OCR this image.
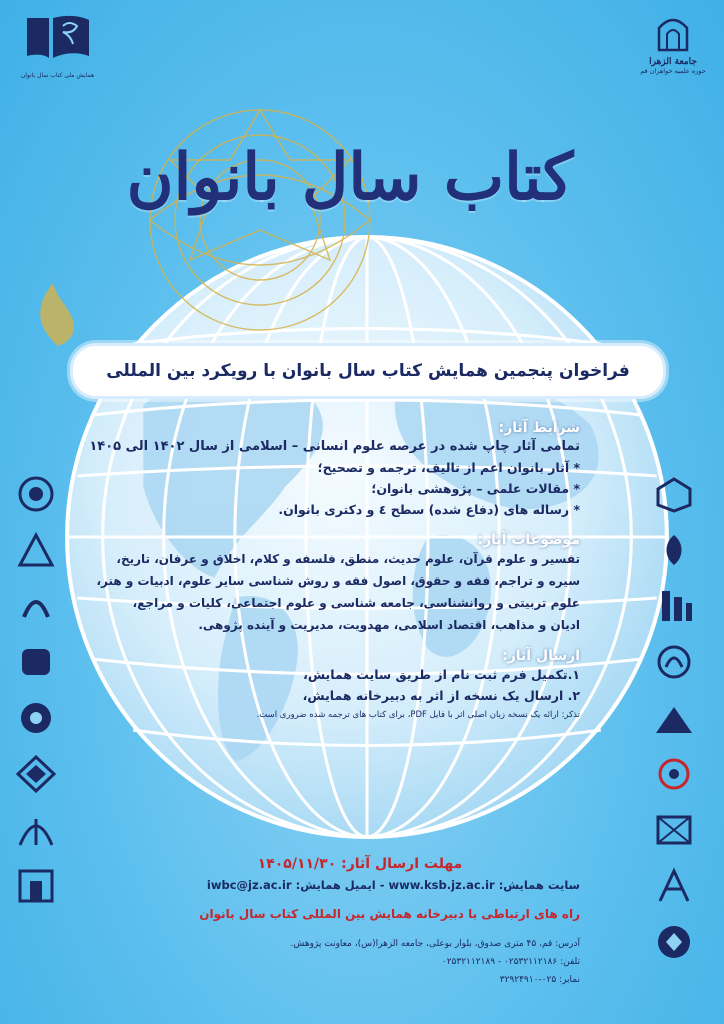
همایش ملی کتاب سال بانوان
جامعة الزهرا
حوزه علمیه خواهران قم
کتاب سال بانوان
فراخوان پنجمین همایش کتاب سال بانوان با رویکرد بین المللی

شرایط آثار:

تمامی آثار چاپ شده در عرصه علوم انسانی – اسلامی از سال ۱۴۰۲ الی ۱۴۰۵

* آثار بانوان اعم از تالیف، ترجمه و تصحیح؛

* مقالات علمی – پژوهشی بانوان؛

* رساله های (دفاع شده) سطح ٤ و دکتری بانوان.

موضوعات آثار:

تفسیر و علوم قرآن، علوم حدیث، منطق، فلسفه و کلام، اخلاق و عرفان، تاریخ،

سیره و تراجم، فقه و حقوق، اصول فقه و روش شناسی سایر علوم، ادبیات و هنر،

علوم تربیتی و روانشناسی، جامعه شناسی و علوم اجتماعی، کلیات و مراجع،

ادیان و مذاهب، اقتصاد اسلامی، مهدویت، مدیریت و آینده پژوهی.

ارسال آثار:

۱.تکمیل فرم ثبت نام از طریق سایت همایش،

۲. ارسال یک نسخه از اثر به دبیرخانه همایش،

تذکر: ارائه یک نسخه زبان اصلی اثر با فایل PDF، برای کتاب های ترجمه شده ضروری است.

مهلت ارسال آثار: ۱۴۰۵/۱۱/۳۰
سایت همایش: www.ksb.jz.ac.ir - ایمیل همایش: iwbc@jz.ac.ir
راه های ارتباطی با دبیرخانه همایش بین المللی کتاب سال بانوان

آدرس: قم، ۴۵ متری صدوق، بلوار بوعلی، جامعه الزهرا(س)، معاونت پژوهش.

تلفن: ۰۲۵۳۲۱۱۲۱۸۶ - ۰۲۵۳۲۱۱۲۱۸۹

نمابر: ۰۲۵-۳۲۹۲۴۹۱۰
